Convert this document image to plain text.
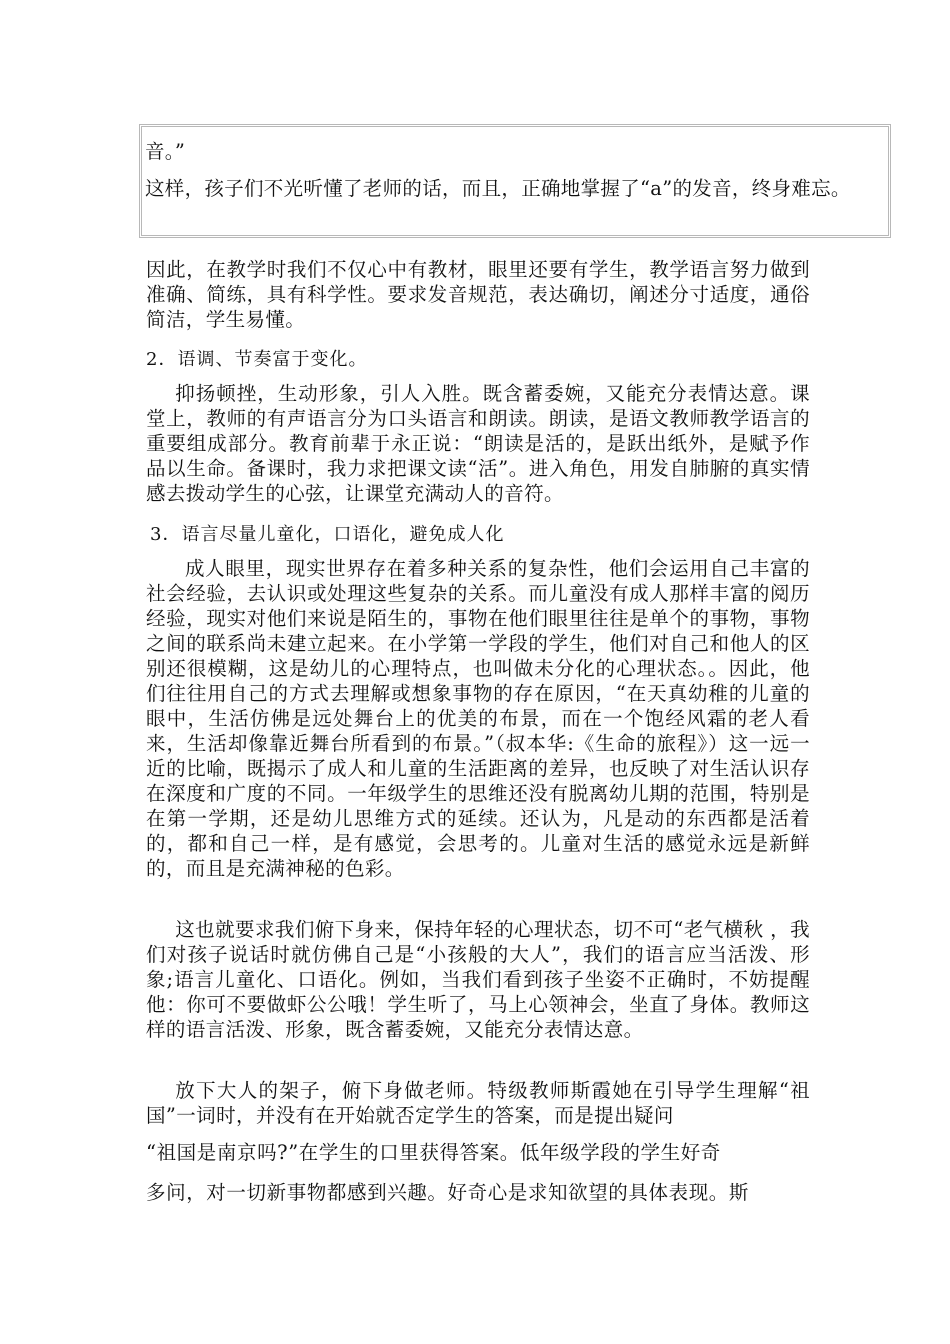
音。”

这样，孩子们不光听懂了老师的话，而且，正确地掌握了“a”的发音，终身难忘。

因此，在教学时我们不仅心中有教材，眼里还要有学生，教学语言努力做到准确、简练，具有科学性。要求发音规范，表达确切，阐述分寸适度，通俗简洁，学生易懂。

2．语调、节奏富于变化。

抑扬顿挫，生动形象，引人入胜。既含蓄委婉，又能充分表情达意。课堂上，教师的有声语言分为口头语言和朗读。朗读，是语文教师教学语言的重要组成部分。教育前辈于永正说：“朗读是活的，是跃出纸外，是赋予作品以生命。备课时，我力求把课文读“活”。进入角色，用发自肺腑的真实情感去拨动学生的心弦，让课堂充满动人的音符。

3．语言尽量儿童化，口语化，避免成人化

成人眼里，现实世界存在着多种关系的复杂性，他们会运用自己丰富的社会经验，去认识或处理这些复杂的关系。而儿童没有成人那样丰富的阅历经验，现实对他们来说是陌生的，事物在他们眼里往往是单个的事物，事物之间的联系尚未建立起来。在小学第一学段的学生，他们对自己和他人的区别还很模糊，这是幼儿的心理特点，也叫做未分化的心理状态。。因此，他们往往用自己的方式去理解或想象事物的存在原因，“在天真幼稚的儿童的眼中，生活仿佛是远处舞台上的优美的布景，而在一个饱经风霜的老人看来，生活却像靠近舞台所看到的布景。”（叔本华:《生命的旅程》）这一远一近的比喻，既揭示了成人和儿童的生活距离的差异，也反映了对生活认识存在深度和广度的不同。一年级学生的思维还没有脱离幼儿期的范围，特别是在第一学期，还是幼儿思维方式的延续。还认为，凡是动的东西都是活着的，都和自己一样，是有感觉，会思考的。儿童对生活的感觉永远是新鲜的，而且是充满神秘的色彩。

这也就要求我们俯下身来，保持年轻的心理状态，切不可“老气横秋 ，我们对孩子说话时就仿佛自己是“小孩般的大人”，我们的语言应当活泼、形象;语言儿童化、口语化。例如，当我们看到孩子坐姿不正确时，不妨提醒他：你可不要做虾公公哦！学生听了，马上心领神会，坐直了身体。教师这样的语言活泼、形象，既含蓄委婉，又能充分表情达意。

放下大人的架子，俯下身做老师。特级教师斯霞她在引导学生理解“祖国”一词时，并没有在开始就否定学生的答案，而是提出疑问

“祖国是南京吗?”在学生的口里获得答案。低年级学段的学生好奇

多问，对一切新事物都感到兴趣。好奇心是求知欲望的具体表现。斯
